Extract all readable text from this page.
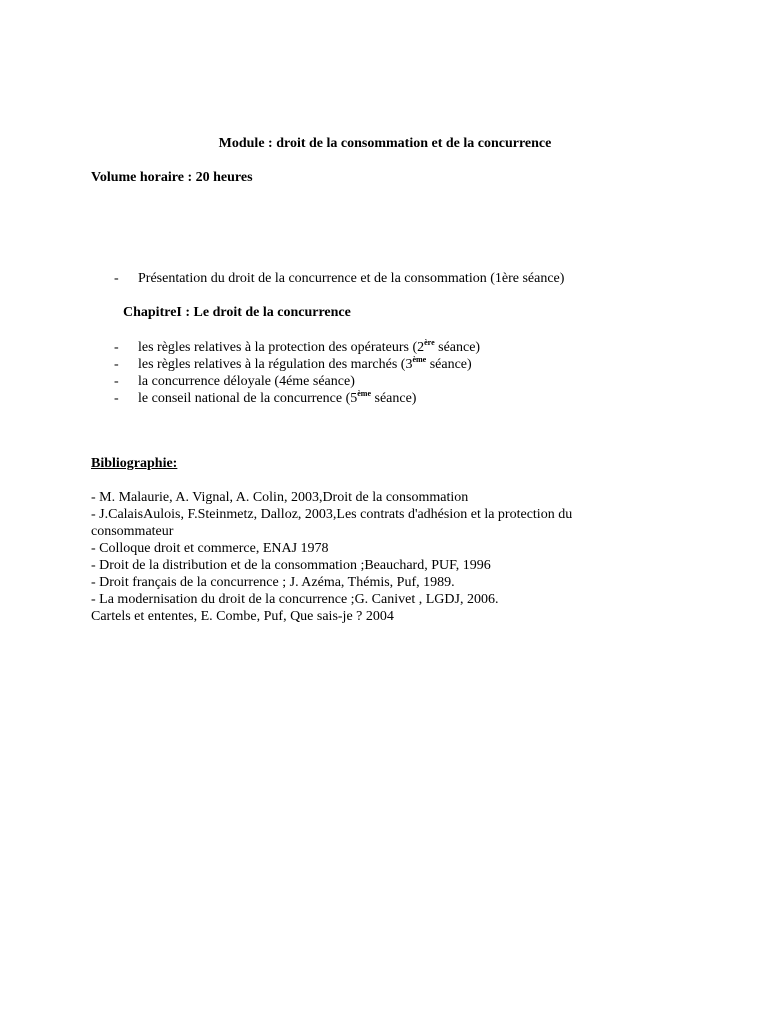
Module : droit de la consommation et de la concurrence
Volume horaire : 20 heures
- Présentation du droit de la concurrence et de la consommation (1ère séance)
ChapitreI : Le droit de la concurrence
- les règles relatives à la protection des opérateurs (2ère séance)
- les règles relatives à la régulation des marchés (3ème séance)
- la concurrence déloyale (4éme séance)
- le conseil national de la concurrence (5ème séance)
Bibliographie:
- M. Malaurie, A. Vignal, A. Colin, 2003,Droit de la consommation
- J.CalaisAulois, F.Steinmetz, Dalloz, 2003,Les contrats d'adhésion et la protection du consommateur
- Colloque droit et commerce, ENAJ 1978
- Droit de la distribution et de la consommation ;Beauchard, PUF, 1996
- Droit français de la concurrence ; J. Azéma, Thémis, Puf, 1989.
- La modernisation du droit de la concurrence ;G. Canivet , LGDJ, 2006.
Cartels et ententes, E. Combe, Puf, Que sais-je ? 2004
